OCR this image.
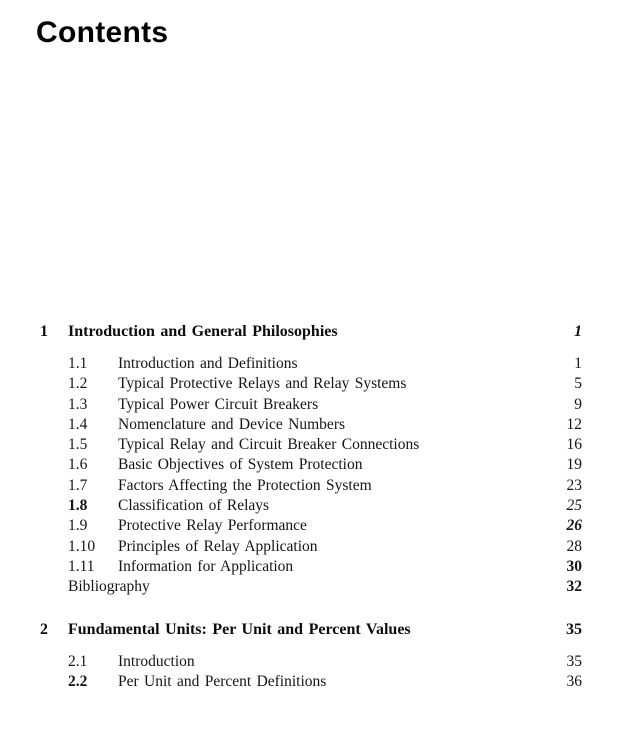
Contents
1	Introduction and General Philosophies	1
1.1	Introduction and Definitions	1
1.2	Typical Protective Relays and Relay Systems	5
1.3	Typical Power Circuit Breakers	9
1.4	Nomenclature and Device Numbers	12
1.5	Typical Relay and Circuit Breaker Connections	16
1.6	Basic Objectives of System Protection	19
1.7	Factors Affecting the Protection System	23
1.8	Classification of Relays	25
1.9	Protective Relay Performance	26
1.10	Principles of Relay Application	28
1.11	Information for Application	30
Bibliography	32
2	Fundamental Units: Per Unit and Percent Values	35
2.1	Introduction	35
2.2	Per Unit and Percent Definitions	36
